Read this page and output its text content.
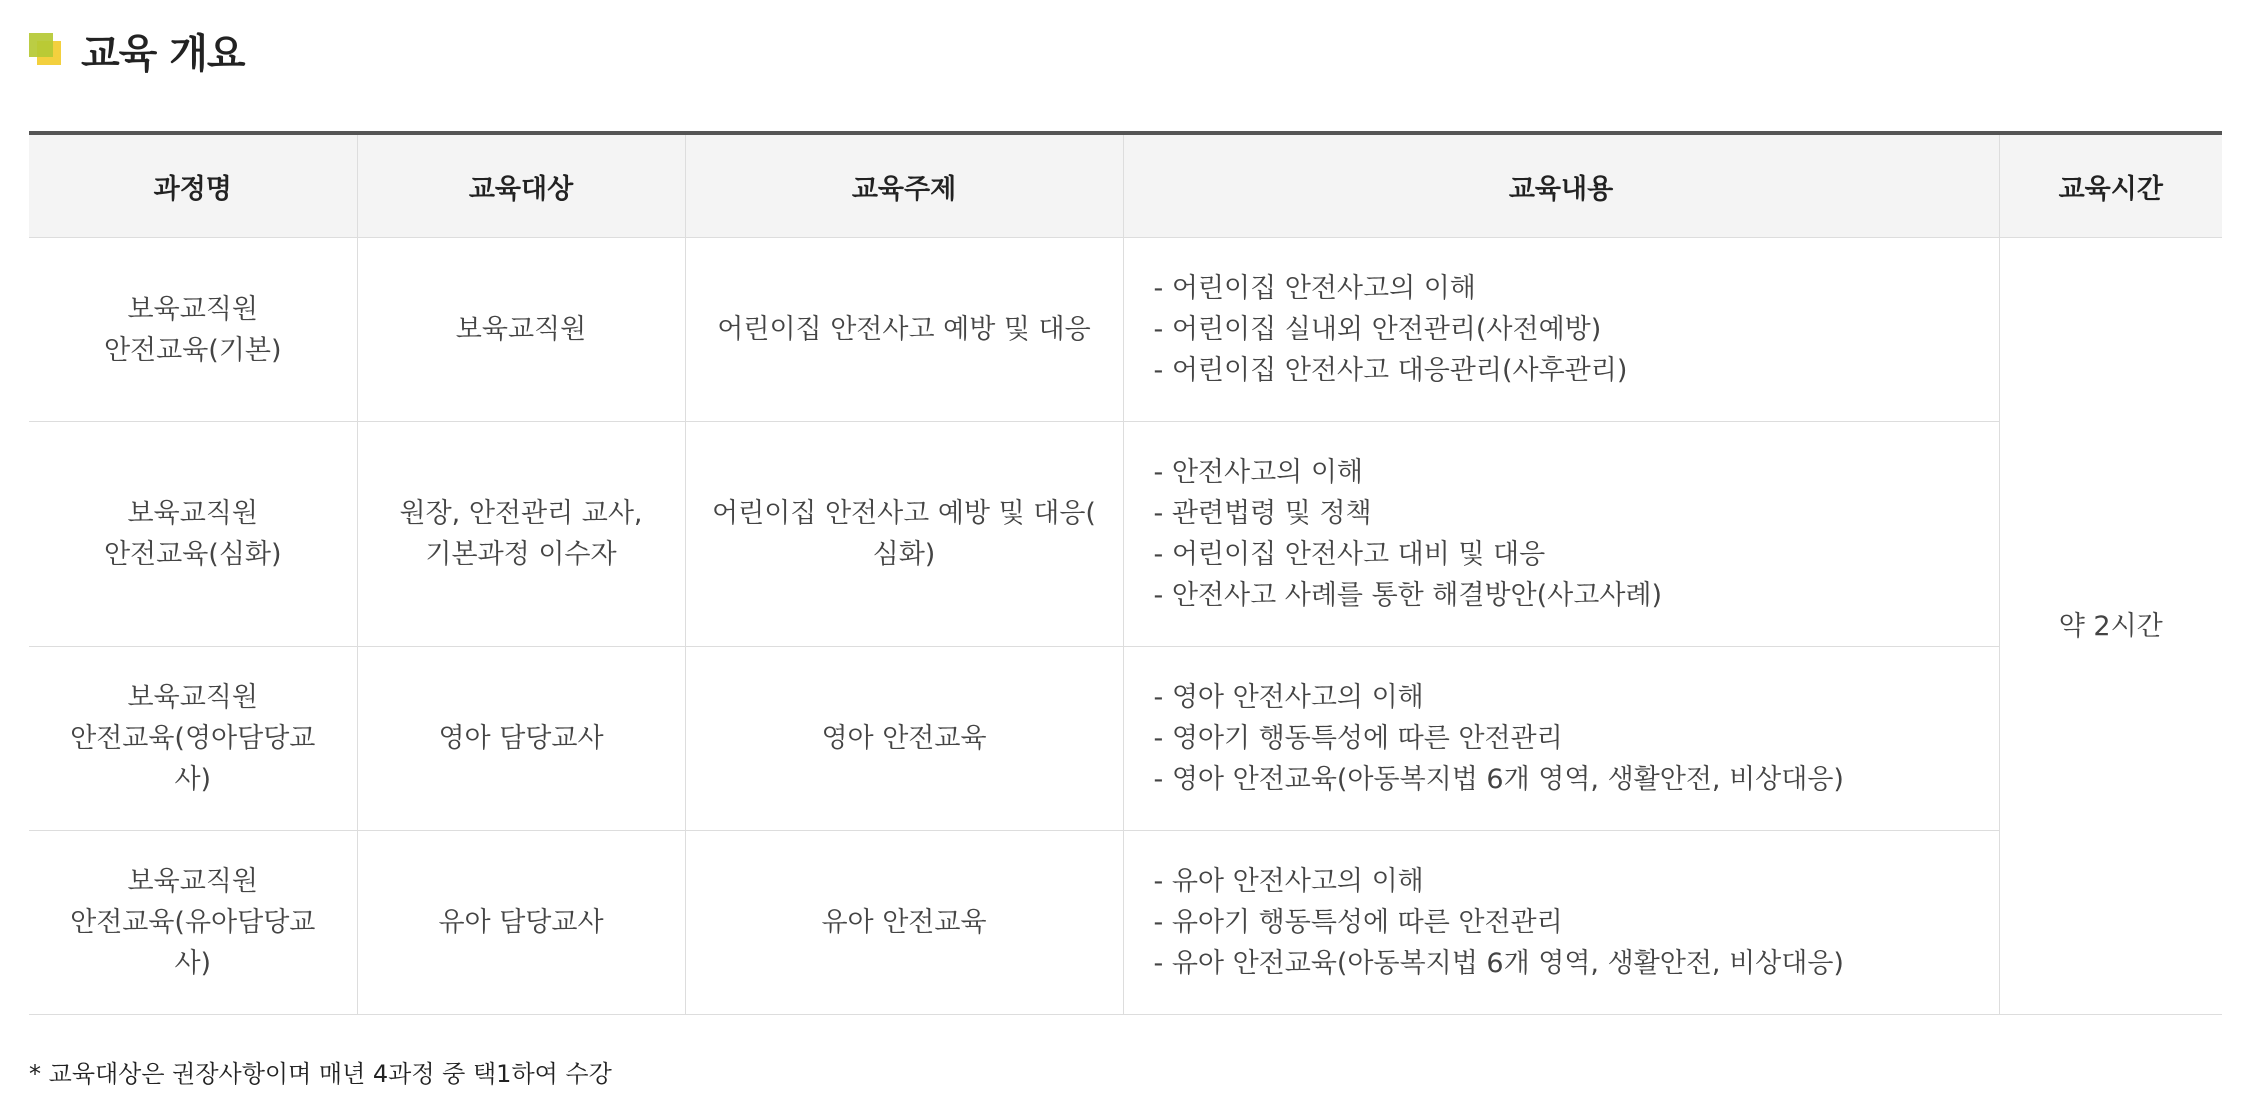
교육 개요
과정명	교육대상	교육주제	교육내용	교육시간

보육교직원
안전교육(기본)	보육교직원	어린이집 안전사고 예방 및 대응	- 어린이집 안전사고의 이해
- 어린이집 실내외 안전관리(사전예방)
- 어린이집 안전사고 대응관리(사후관리)	약 2시간

보육교직원
안전교육(심화)	원장, 안전관리 교사,
기본과정 이수자	어린이집 안전사고 예방 및 대응(
심화)	- 안전사고의 이해
- 관련법령 및 정책
- 어린이집 안전사고 대비 및 대응
- 안전사고 사례를 통한 해결방안(사고사례)	

보육교직원
안전교육(영아담당교
사)	영아 담당교사	영아 안전교육	- 영아 안전사고의 이해
- 영아기 행동특성에 따른 안전관리
- 영아 안전교육(아동복지법 6개 영역, 생활안전, 비상대응)	

보육교직원
안전교육(유아담당교
사)	유아 담당교사	유아 안전교육	- 유아 안전사고의 이해
- 유아기 행동특성에 따른 안전관리
- 유아 안전교육(아동복지법 6개 영역, 생활안전, 비상대응)	
* 교육대상은 권장사항이며 매년 4과정 중 택1하여 수강
